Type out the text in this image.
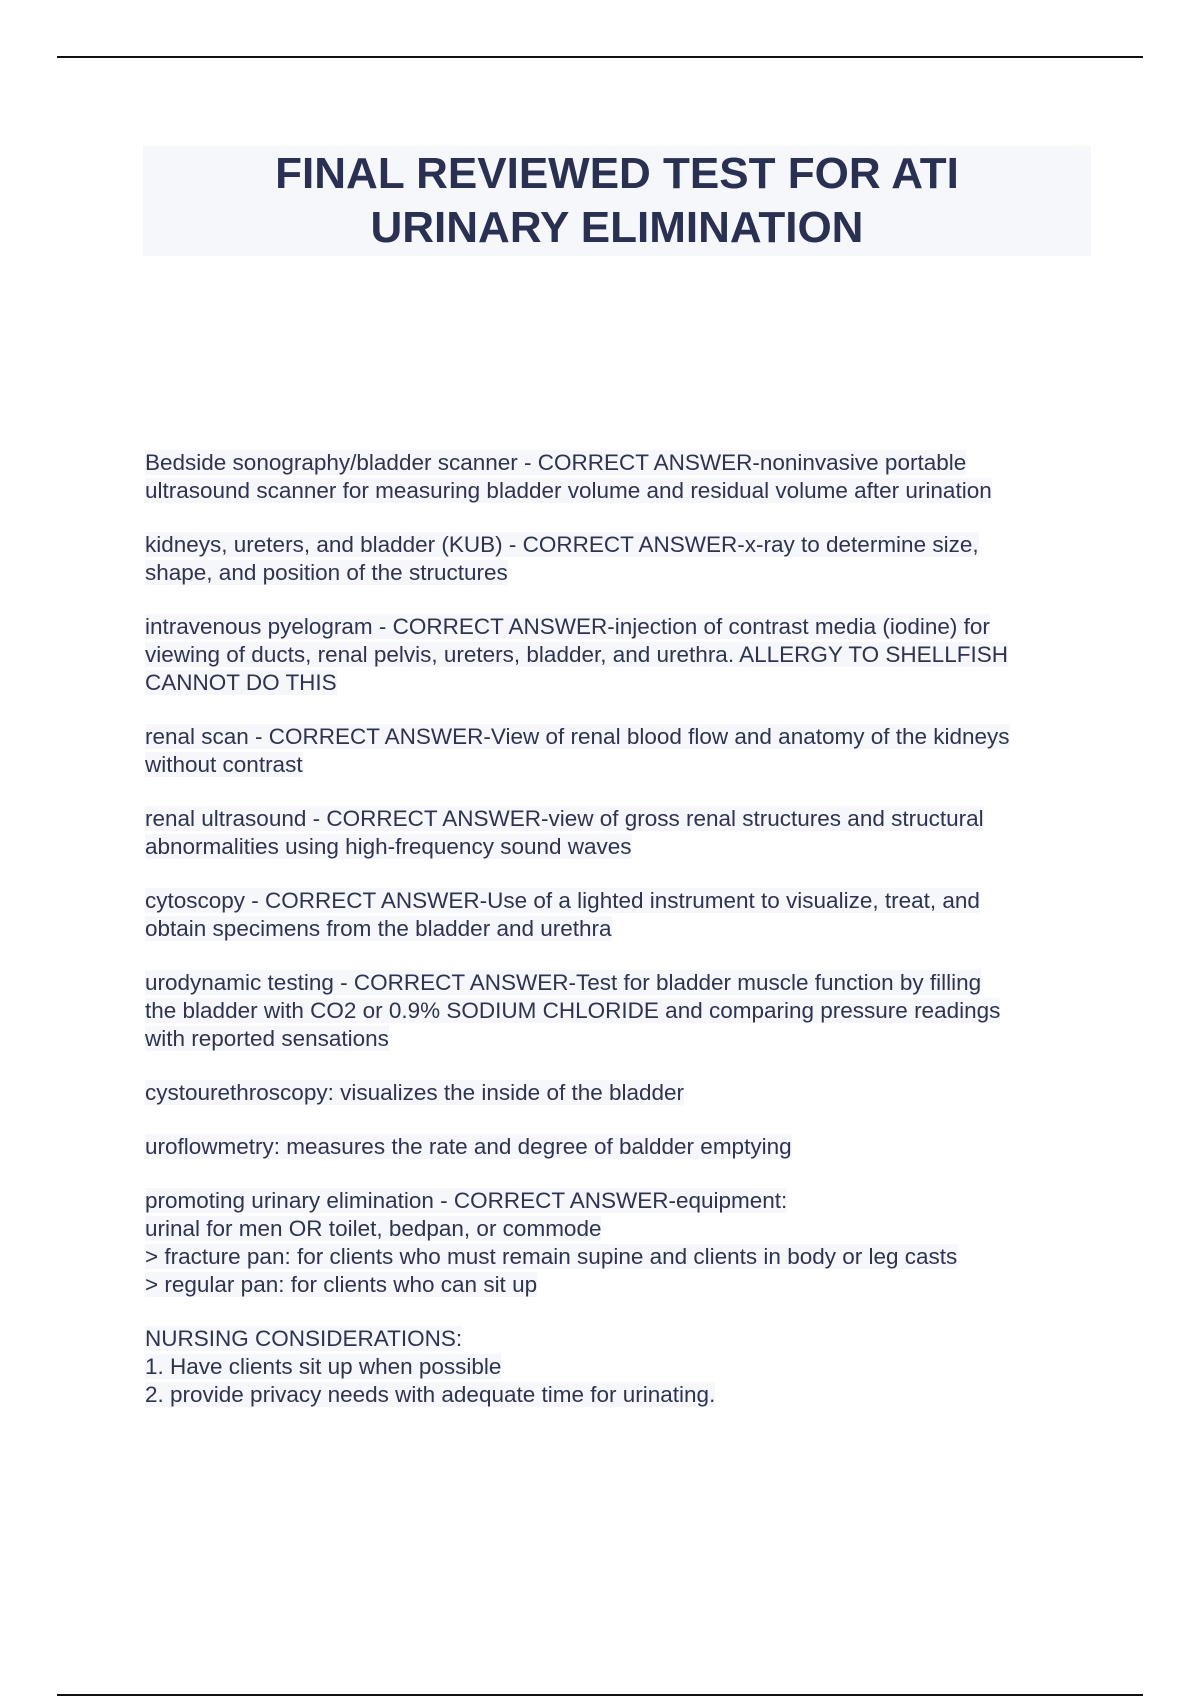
FINAL REVIEWED TEST FOR ATI
URINARY ELIMINATION

Bedside sonography/bladder scanner - CORRECT ANSWER-noninvasive portable
ultrasound scanner for measuring bladder volume and residual volume after urination

kidneys, ureters, and bladder (KUB) - CORRECT ANSWER-x-ray to determine size,
shape, and position of the structures

intravenous pyelogram - CORRECT ANSWER-injection of contrast media (iodine) for
viewing of ducts, renal pelvis, ureters, bladder, and urethra. ALLERGY TO SHELLFISH
CANNOT DO THIS

renal scan - CORRECT ANSWER-View of renal blood flow and anatomy of the kidneys
without contrast

renal ultrasound - CORRECT ANSWER-view of gross renal structures and structural
abnormalities using high-frequency sound waves

cytoscopy - CORRECT ANSWER-Use of a lighted instrument to visualize, treat, and
obtain specimens from the bladder and urethra

urodynamic testing - CORRECT ANSWER-Test for bladder muscle function by filling
the bladder with CO2 or 0.9% SODIUM CHLORIDE and comparing pressure readings
with reported sensations

cystourethroscopy: visualizes the inside of the bladder

uroflowmetry: measures the rate and degree of baldder emptying

promoting urinary elimination - CORRECT ANSWER-equipment:
urinal for men OR toilet, bedpan, or commode
> fracture pan: for clients who must remain supine and clients in body or leg casts
> regular pan: for clients who can sit up

NURSING CONSIDERATIONS:
1. Have clients sit up when possible
2. provide privacy needs with adequate time for urinating.
